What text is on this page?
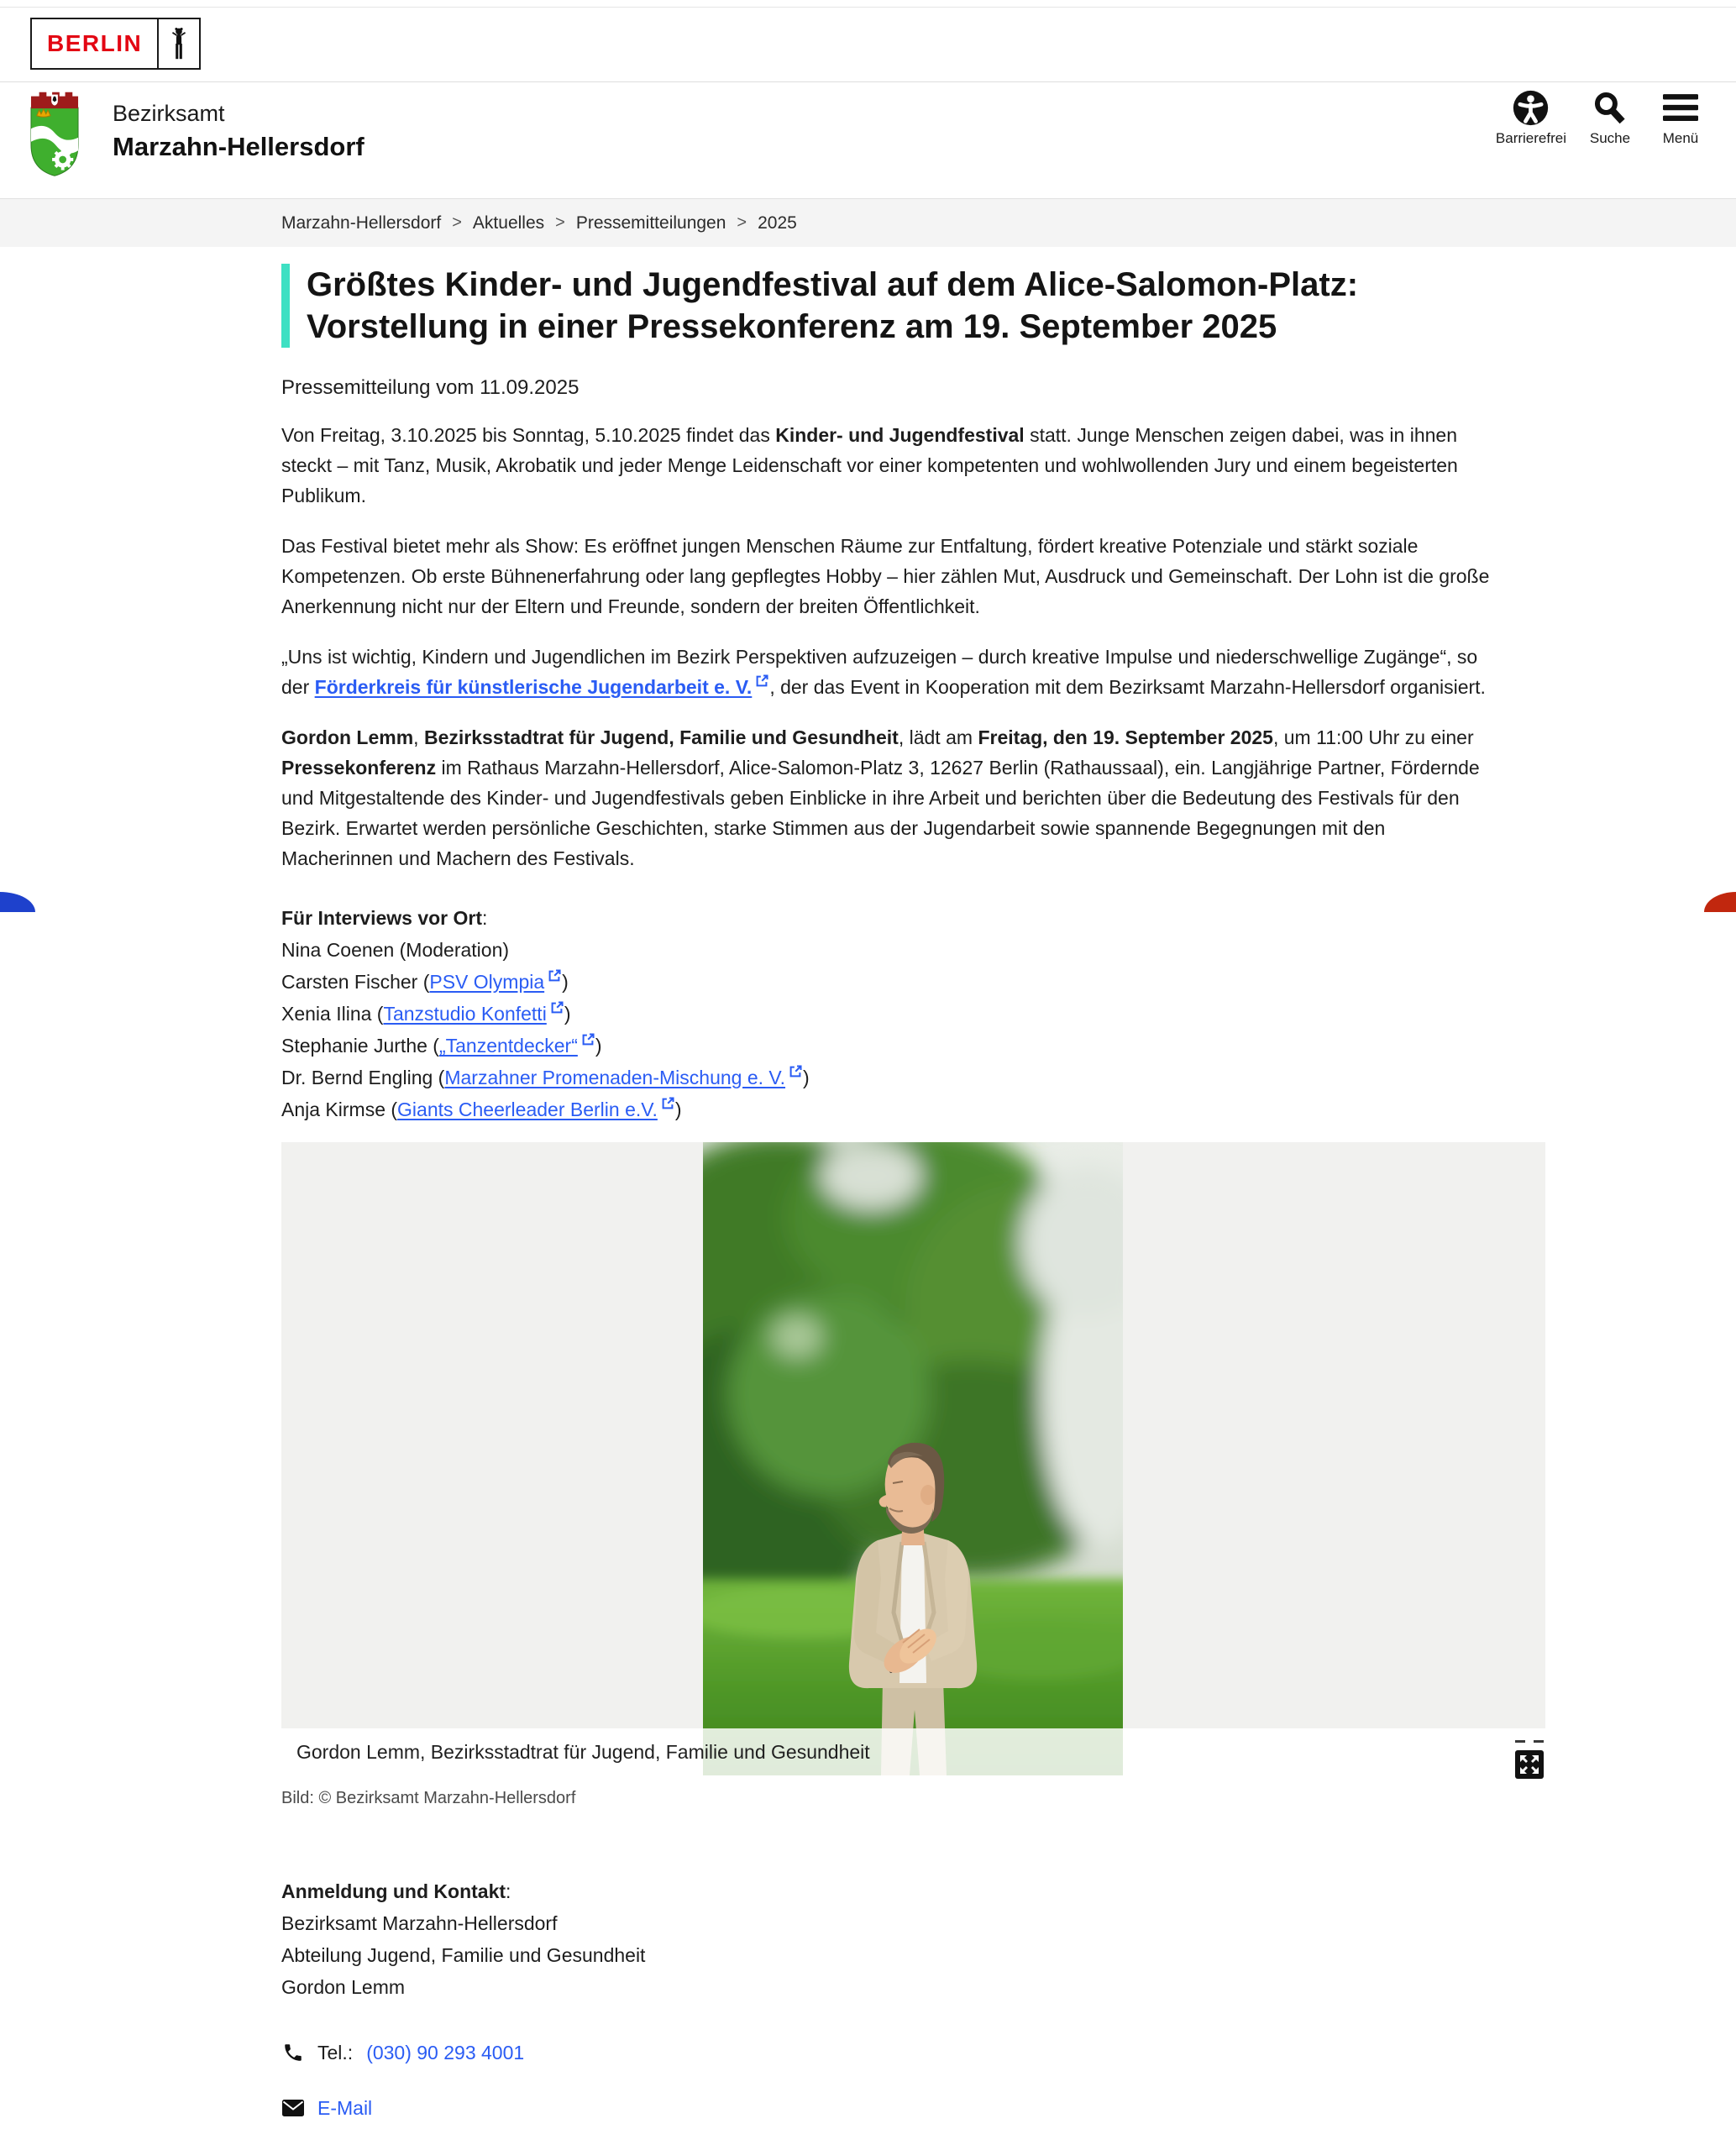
BERLIN
Bezirksamt
Marzahn-Hellersdorf	Barrierefrei Suche Menü
Marzahn-Hellersdorf > Aktuelles > Pressemitteilungen > 2025
Größtes Kinder- und Jugendfestival auf dem Alice-Salomon-Platz: Vorstellung in einer Pressekonferenz am 19. September 2025
Pressemitteilung vom 11.09.2025

Von Freitag, 3.10.2025 bis Sonntag, 5.10.2025 findet das Kinder- und Jugendfestival statt. Junge Menschen zeigen dabei, was in ihnen steckt – mit Tanz, Musik, Akrobatik und jeder Menge Leidenschaft vor einer kompetenten und wohlwollenden Jury und einem begeisterten Publikum.

Das Festival bietet mehr als Show: Es eröffnet jungen Menschen Räume zur Entfaltung, fördert kreative Potenziale und stärkt soziale Kompetenzen. Ob erste Bühnenerfahrung oder lang gepflegtes Hobby – hier zählen Mut, Ausdruck und Gemeinschaft. Der Lohn ist die große Anerkennung nicht nur der Eltern und Freunde, sondern der breiten Öffentlichkeit.

„Uns ist wichtig, Kindern und Jugendlichen im Bezirk Perspektiven aufzuzeigen – durch kreative Impulse und niederschwellige Zugänge“, so der Förderkreis für künstlerische Jugendarbeit e. V. , der das Event in Kooperation mit dem Bezirksamt Marzahn-Hellersdorf organisiert.

Gordon Lemm, Bezirksstadtrat für Jugend, Familie und Gesundheit, lädt am Freitag, den 19. September 2025, um 11:00 Uhr zu einer Pressekonferenz im Rathaus Marzahn-Hellersdorf, Alice-Salomon-Platz 3, 12627 Berlin (Rathaussaal), ein. Langjährige Partner, Fördernde und Mitgestaltende des Kinder- und Jugendfestivals geben Einblicke in ihre Arbeit und berichten über die Bedeutung des Festivals für den Bezirk. Erwartet werden persönliche Geschichten, starke Stimmen aus der Jugendarbeit sowie spannende Begegnungen mit den Macherinnen und Machern des Festivals.

Für Interviews vor Ort:
Nina Coenen (Moderation)
Carsten Fischer (PSV Olympia )
Xenia Ilina (Tanzstudio Konfetti )
Stephanie Jurthe („Tanzentdecker“ )
Dr. Bernd Engling (Marzahner Promenaden-Mischung e. V. )
Anja Kirmse (Giants Cheerleader Berlin e.V. )
Gordon Lemm, Bezirksstadtrat für Jugend, Familie und Gesundheit
Bild: © Bezirksamt Marzahn-Hellersdorf
Anmeldung und Kontakt:
Bezirksamt Marzahn-Hellersdorf
Abteilung Jugend, Familie und Gesundheit
Gordon Lemm
Tel.: (030) 90 293 4001
E-Mail
